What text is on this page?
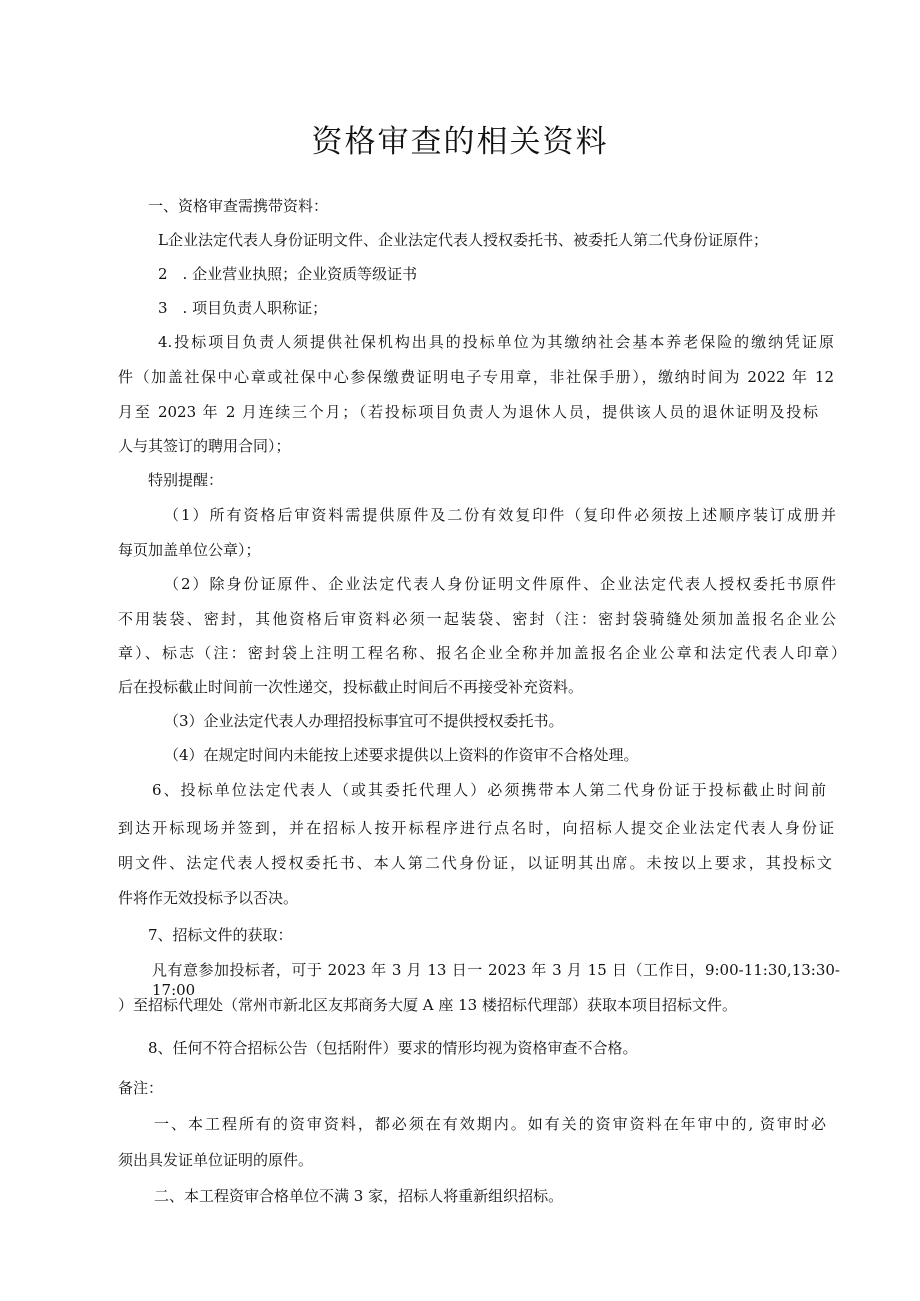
资格审查的相关资料
一、资格审查需携带资料：
L企业法定代表人身份证明文件、企业法定代表人授权委托书、被委托人第二代身份证原件；
2　. 企业营业执照；企业资质等级证书
3　. 项目负责人职称证；
4.投标项目负责人须提供社保机构出具的投标单位为其缴纳社会基本养老保险的缴纳凭证原
件（加盖社保中心章或社保中心参保缴费证明电子专用章，非社保手册），缴纳时间为 2022 年 12
月至 2023 年 2 月连续三个月；（若投标项目负责人为退休人员，提供该人员的退休证明及投标
人与其签订的聘用合同）；
特别提醒：
（1）所有资格后审资料需提供原件及二份有效复印件（复印件必须按上述顺序装订成册并
每页加盖单位公章）；
（2）除身份证原件、企业法定代表人身份证明文件原件、企业法定代表人授权委托书原件
不用装袋、密封，其他资格后审资料必须一起装袋、密封（注：密封袋骑缝处须加盖报名企业公
章）、标志（注：密封袋上注明工程名称、报名企业全称并加盖报名企业公章和法定代表人印章）
后在投标截止时间前一次性递交，投标截止时间后不再接受补充资料。
（3）企业法定代表人办理招投标事宜可不提供授权委托书。
（4）在规定时间内未能按上述要求提供以上资料的作资审不合格处理。
6、投标单位法定代表人（或其委托代理人）必须携带本人第二代身份证于投标截止时间前
到达开标现场并签到，并在招标人按开标程序进行点名时，向招标人提交企业法定代表人身份证
明文件、法定代表人授权委托书、本人第二代身份证，以证明其出席。未按以上要求，其投标文
件将作无效投标予以否决。
7、招标文件的获取：
凡有意参加投标者，可于 2023 年 3 月 13 日一 2023 年 3 月 15 日（工作日，9:00-11:30,13:30-17:00
）至招标代理处（常州市新北区友邦商务大厦 A 座 13 楼招标代理部）获取本项目招标文件。
8、任何不符合招标公告（包括附件）要求的情形均视为资格审查不合格。
备注：
一、本工程所有的资审资料，都必须在有效期内。如有关的资审资料在年审中的, 资审时必
须出具发证单位证明的原件。
二、本工程资审合格单位不满 3 家，招标人将重新组织招标。
